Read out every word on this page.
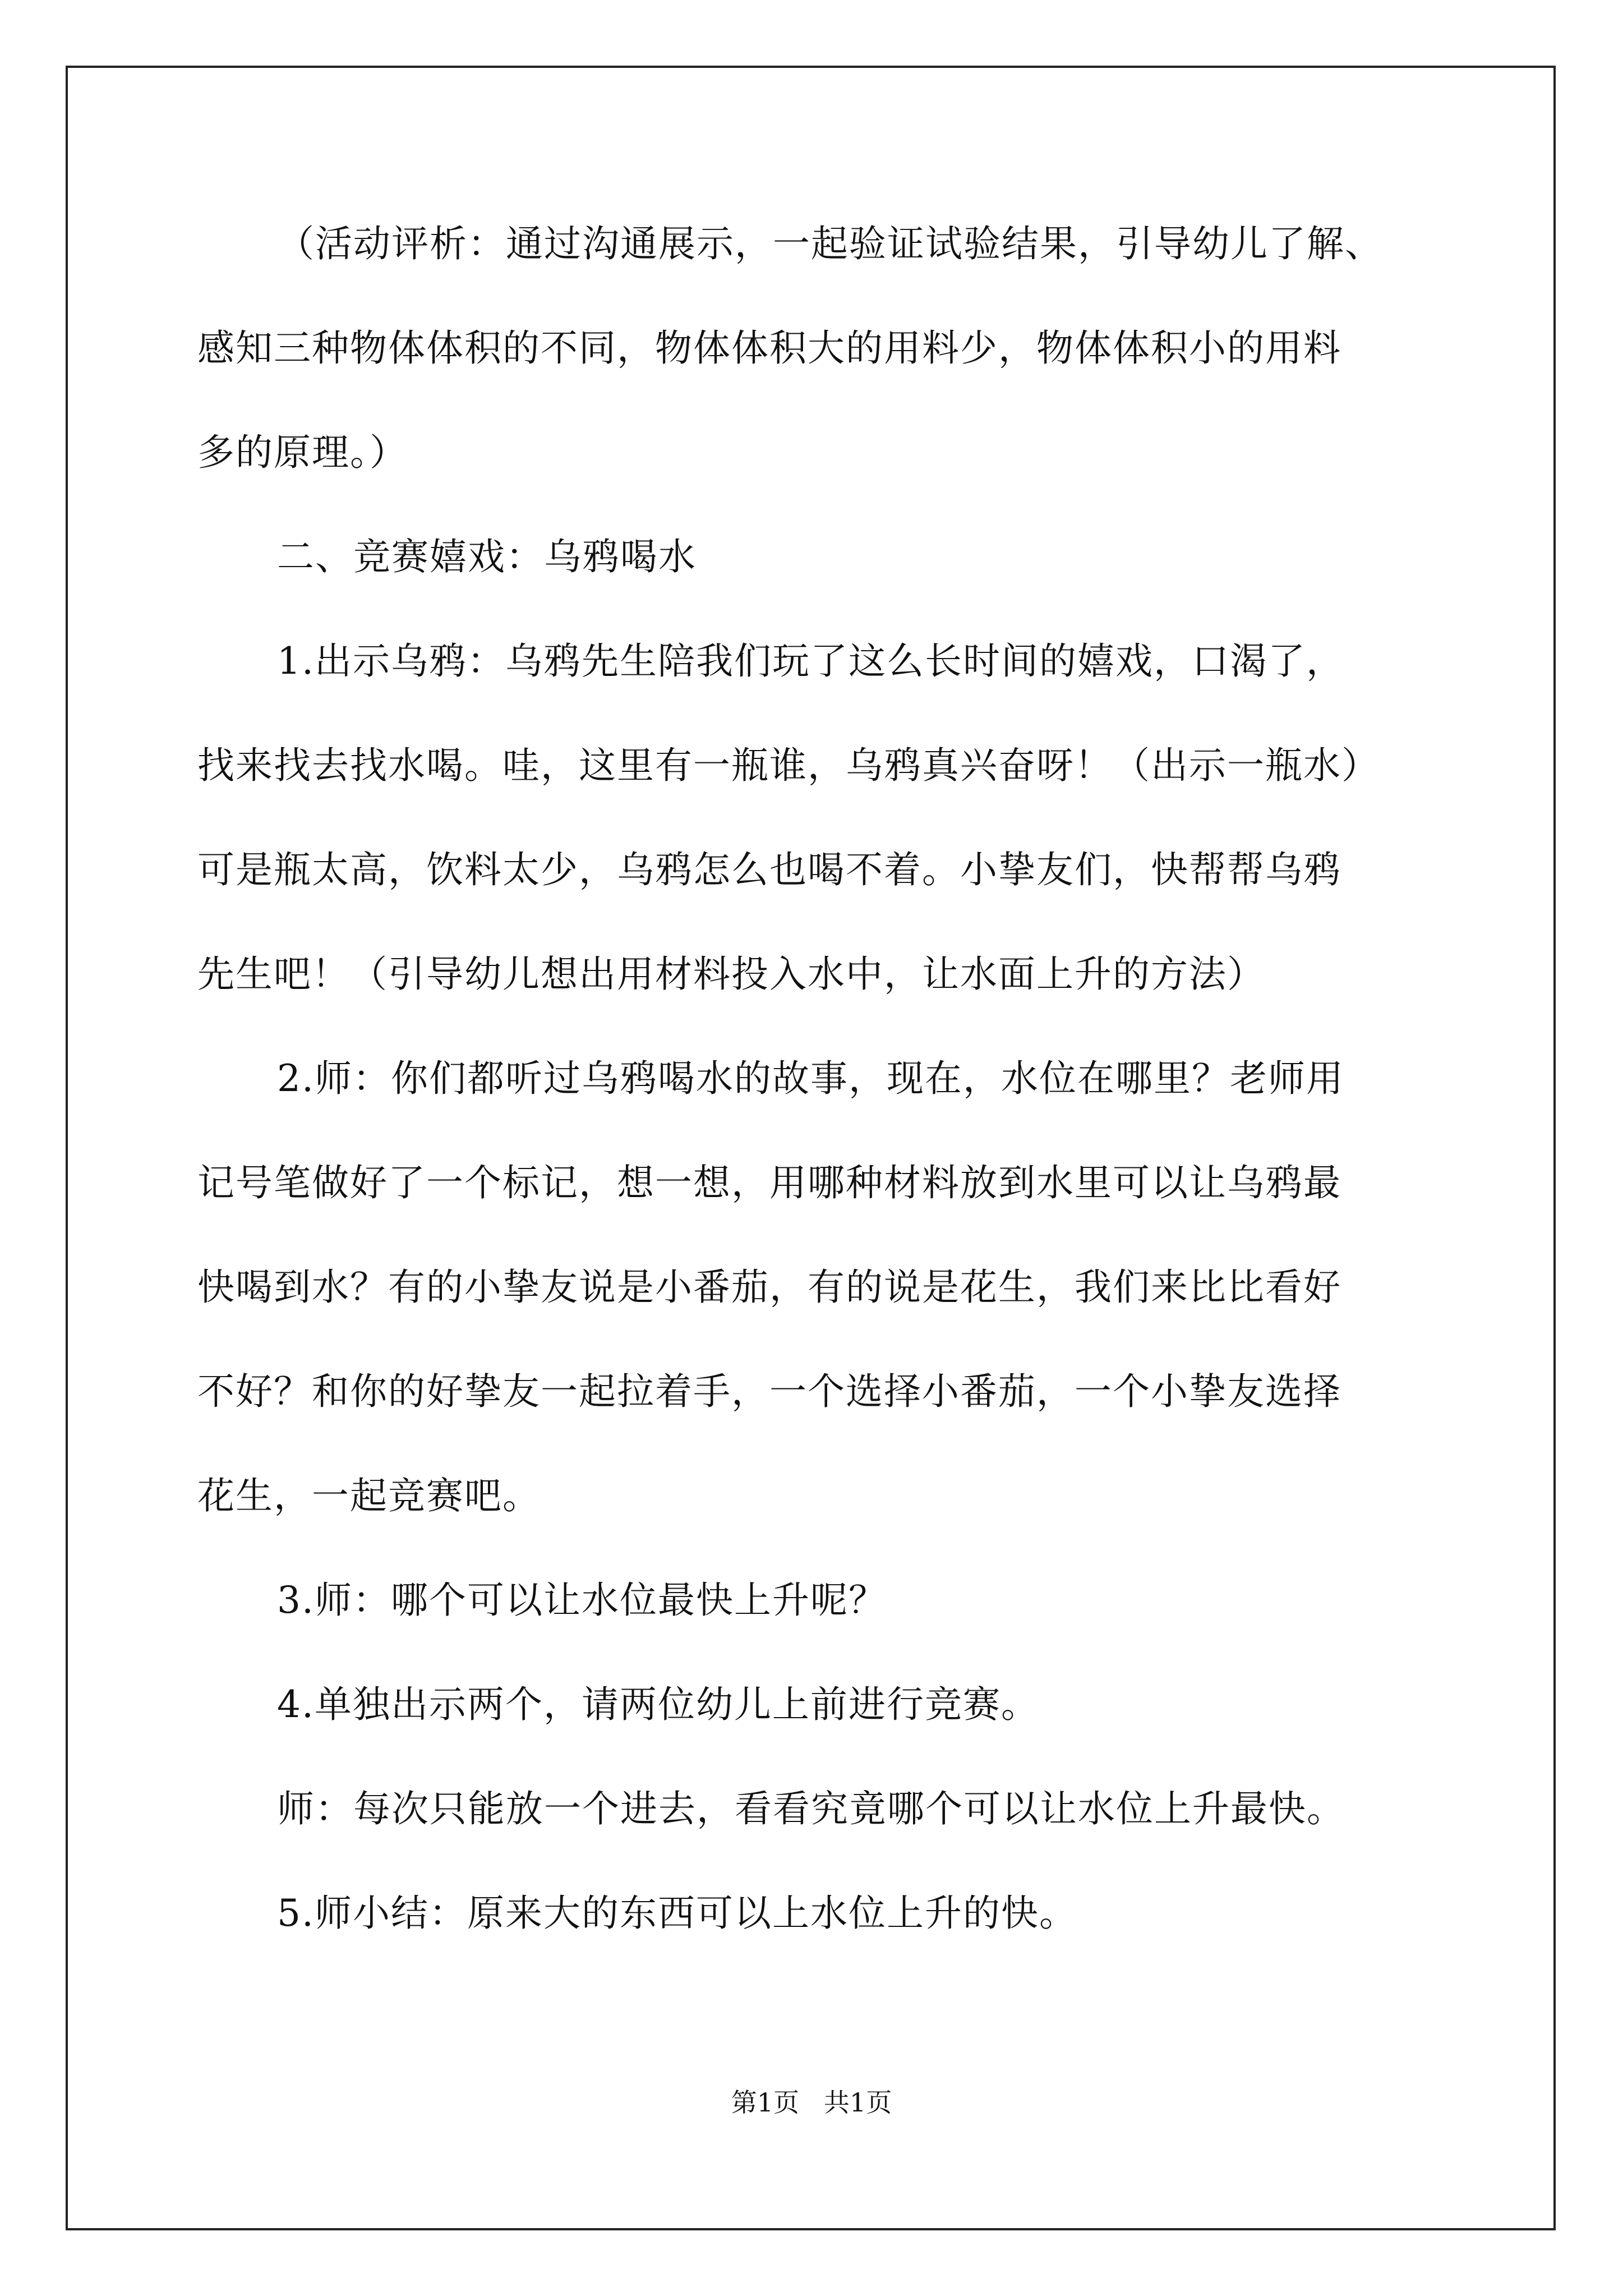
（活动评析：通过沟通展示，一起验证试验结果，引导幼儿了解、
感知三种物体体积的不同，物体体积大的用料少，物体体积小的用料
多的原理。）
二、竞赛嬉戏：乌鸦喝水
1.出示乌鸦：乌鸦先生陪我们玩了这么长时间的嬉戏，口渴了，
找来找去找水喝。哇，这里有一瓶谁，乌鸦真兴奋呀！（出示一瓶水）
可是瓶太高，饮料太少，乌鸦怎么也喝不着。小挚友们，快帮帮乌鸦
先生吧！（引导幼儿想出用材料投入水中，让水面上升的方法）
2.师：你们都听过乌鸦喝水的故事，现在，水位在哪里？老师用
记号笔做好了一个标记，想一想，用哪种材料放到水里可以让乌鸦最
快喝到水？有的小挚友说是小番茄，有的说是花生，我们来比比看好
不好？和你的好挚友一起拉着手，一个选择小番茄，一个小挚友选择
花生，一起竞赛吧。
3.师：哪个可以让水位最快上升呢？
4.单独出示两个，请两位幼儿上前进行竞赛。
师：每次只能放一个进去，看看究竟哪个可以让水位上升最快。
5.师小结：原来大的东西可以上水位上升的快。
第1页   共1页
